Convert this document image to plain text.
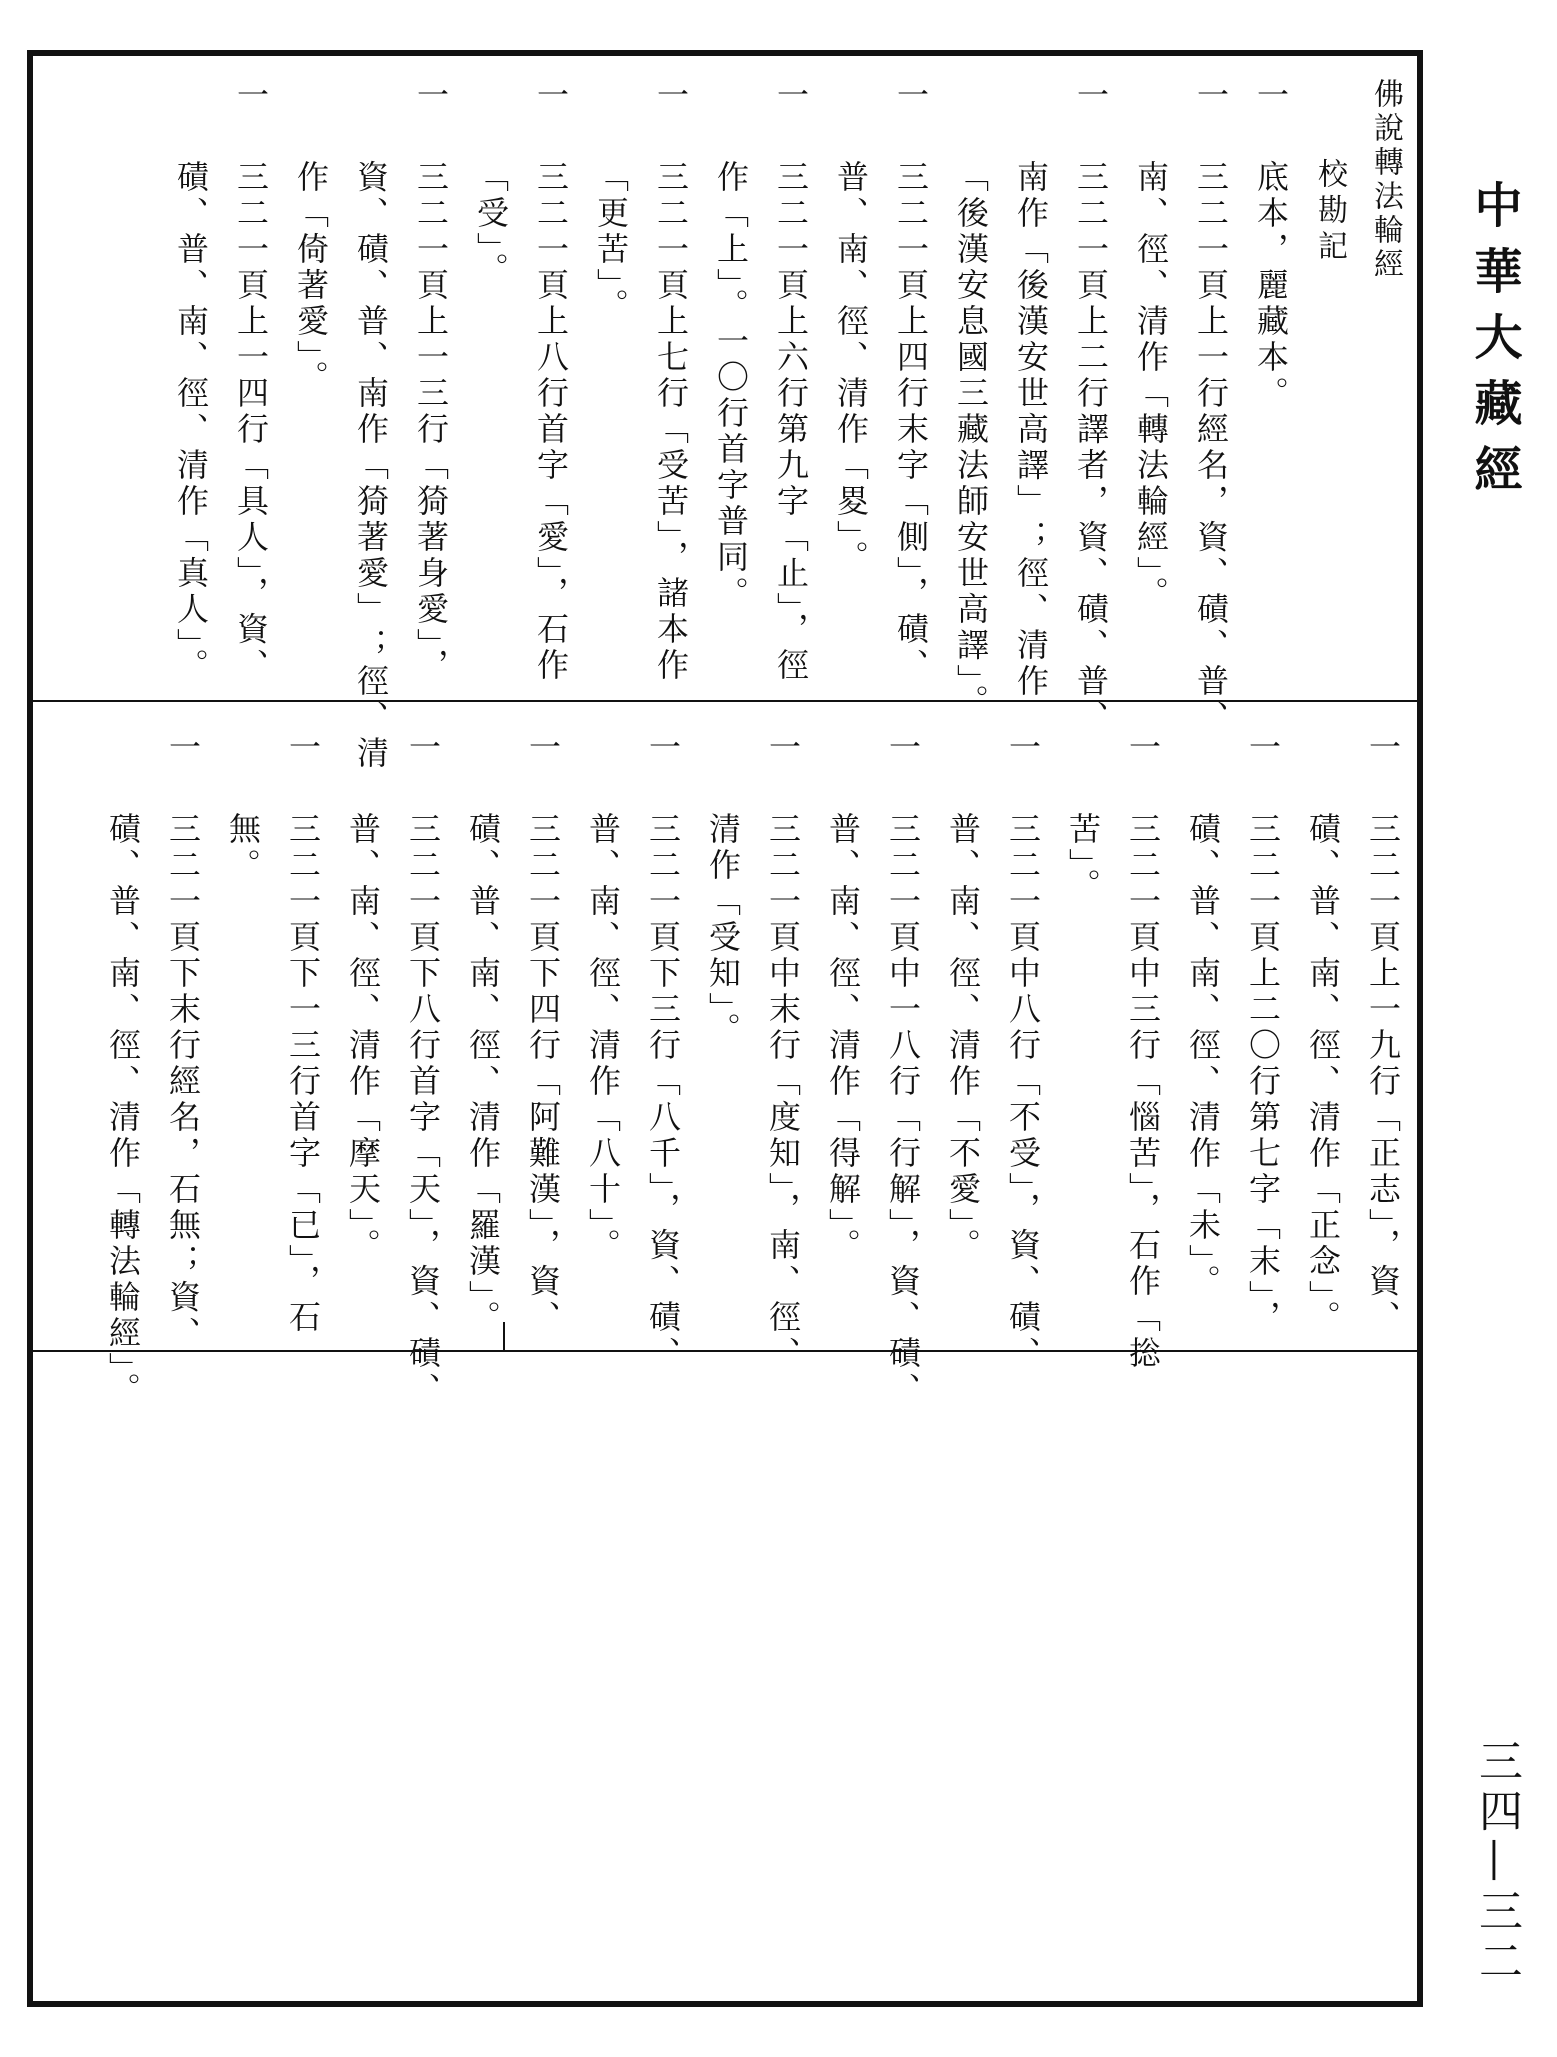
中華大藏經
三四—三二
佛說轉法輪經
校勘記
一底本，麗藏本。
一三二一頁上一行經名，資、磧、普、
南、徑、清作「轉法輪經」。
一三二一頁上二行譯者，資、磧、普、
南作「後漢安世高譯」；徑、清作
「後漢安息國三藏法師安世高譯」。
一三二一頁上四行末字「側」，磧、
普、南、徑、清作「畟」。
一三二一頁上六行第九字「止」，徑
作「上」。一〇行首字普同。
一三二一頁上七行「受苦」，諸本作
「更苦」。
一三二一頁上八行首字「愛」，石作
「受」。
一三二一頁上一三行「猗著身愛」，
資、磧、普、南作「猗著愛」；徑、清
作「倚著愛」。
一三二一頁上一四行「具人」，資、
磧、普、南、徑、清作「真人」。
一三二一頁上一九行「正志」，資、
磧、普、南、徑、清作「正念」。
一三二一頁上二〇行第七字「末」，
磧、普、南、徑、清作「未」。
一三二一頁中三行「惱苦」，石作「捴
苦」。
一三二一頁中八行「不受」，資、磧、
普、南、徑、清作「不愛」。
一三二一頁中一八行「行解」，資、磧、
普、南、徑、清作「得解」。
一三二一頁中末行「度知」，南、徑、
清作「受知」。
一三二一頁下三行「八千」，資、磧、
普、南、徑、清作「八十」。
一三二一頁下四行「阿難漢」，資、
磧、普、南、徑、清作「羅漢」。
一三二一頁下八行首字「天」，資、磧、
普、南、徑、清作「摩天」。
一三二一頁下一三行首字「已」，石
無。
一三二一頁下末行經名，石無；資、
磧、普、南、徑、清作「轉法輪經」。
